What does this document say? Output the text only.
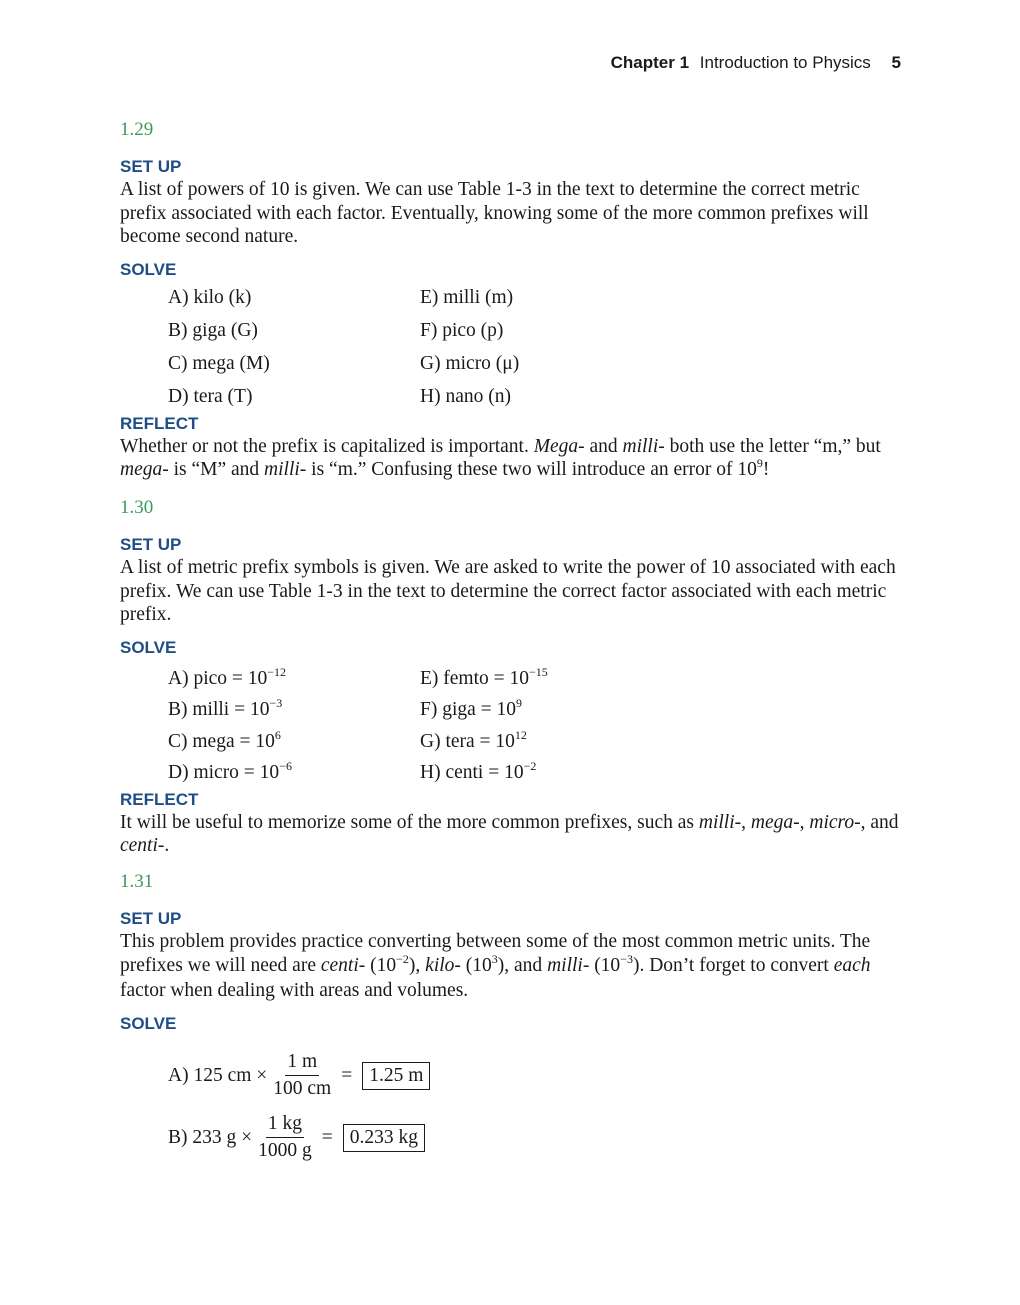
Chapter 1 Introduction to Physics 5
1.29
SET UP

A list of powers of 10 is given. We can use Table 1-3 in the text to determine the correct metric prefix associated with each factor. Eventually, knowing some of the more common prefixes will become second nature.

SOLVE
A) kilo (k)	E) milli (m)
B) giga (G)	F) pico (p)
C) mega (M)	G) micro (μ)
D) tera (T)	H) nano (n)
REFLECT

Whether or not the prefix is capitalized is important. Mega- and milli- both use the letter “m,” but mega- is “M” and milli- is “m.” Confusing these two will introduce an error of $10^9$!

1.30
SET UP

A list of metric prefix symbols is given. We are asked to write the power of 10 associated with each prefix. We can use Table 1-3 in the text to determine the correct factor associated with each metric prefix.

SOLVE
A) pico = $10^{-12}$	E) femto = $10^{-15}$
B) milli = $10^{-3}$	F) giga = $10^9$
C) mega = $10^6$	G) tera = $10^{12}$
D) micro = $10^{-6}$	H) centi = $10^{-2}$
REFLECT

It will be useful to memorize some of the more common prefixes, such as milli-, mega-, micro-, and centi-.

1.31
SET UP

This problem provides practice converting between some of the most common metric units. The prefixes we will need are centi- $(10^{-2})$, kilo- $(10^3)$, and milli- $(10^{-3})$. Don’t forget to convert each factor when dealing with areas and volumes.

SOLVE
A) 125 cm × $\frac{1 m}{100 cm} = 1.25$ m
B) 233 $g \times \frac{1 kg}{1000 g} = 0.233$ kg
